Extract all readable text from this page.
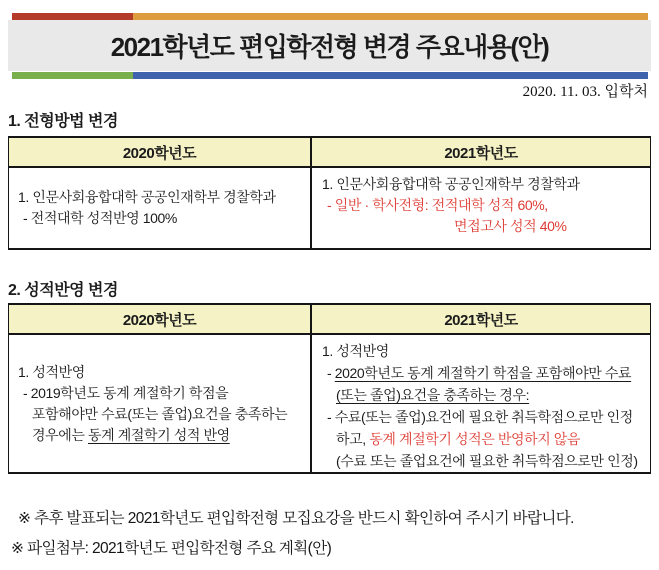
2021학년도 편입학전형 변경 주요내용(안)
2020. 11. 03. 입학처
1. 전형방법 변경
2020학년도	2021학년도
1. 인문사회융합대학 공공인재학부 경찰학과
- 전적대학 성적반영 100%
1. 인문사회융합대학 공공인재학부 경찰학과
- 일반 · 학사전형: 전적대학 성적 60%,
면접고사 성적 40%
2. 성적반영 변경
2020학년도	2021학년도
1. 성적반영
- 2019학년도 동계 계절학기 학점을
포함해야만 수료(또는 졸업)요건을 충족하는
경우에는 동계 계절학기 성적 반영
1. 성적반영
- 2020학년도 동계 계절학기 학점을 포함해야만 수료
(또는 졸업)요건을 충족하는 경우:
- 수료(또는 졸업)요건에 필요한 취득학점으로만 인정
하고, 동계 계절학기 성적은 반영하지 않음
(수료 또는 졸업요건에 필요한 취득학점으로만 인정)
※ 추후 발표되는 2021학년도 편입학전형 모집요강을 반드시 확인하여 주시기 바랍니다.
※ 파일첨부: 2021학년도 편입학전형 주요 계획(안)
